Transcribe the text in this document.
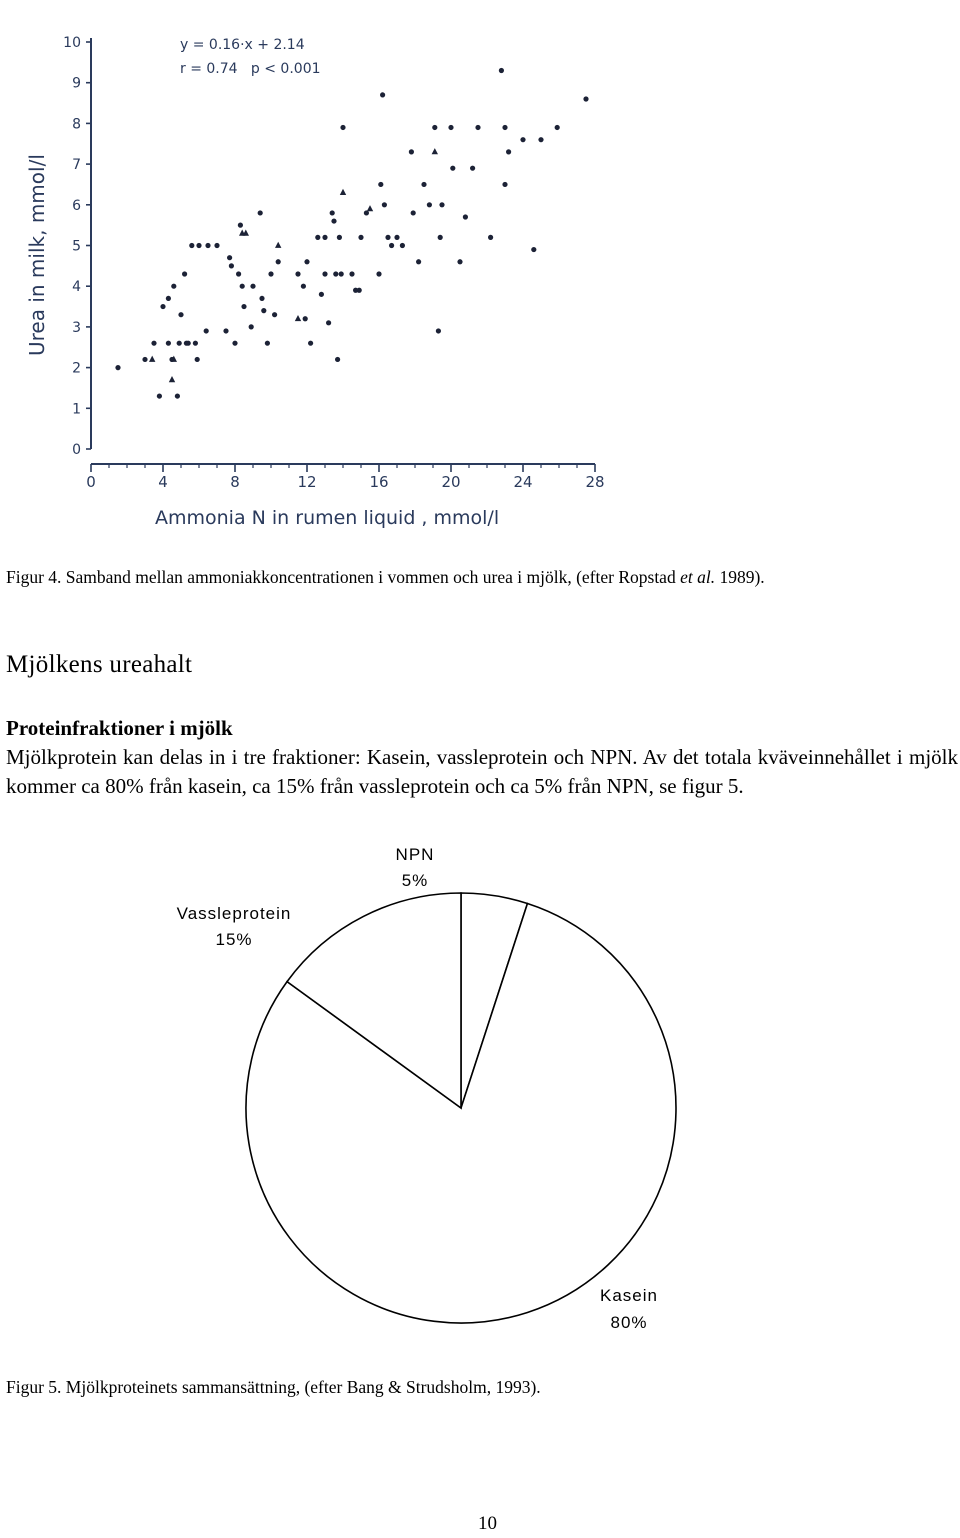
0
1
2
3
4
5
6
7
8
9
10
0	4	8	12	16	20	24	28
y = 0.16·x + 2.14
r = 0.74   p < 0.001
Urea in milk, mmol/l
Ammonia N in rumen liquid , mmol/l
Figur 4. Samband mellan ammoniakkoncentrationen i vommen och urea i mjölk, (efter Ropstad et al. 1989).
Mjölkens ureahalt
Proteinfraktioner i mjölk
Mjölkprotein kan delas in i tre fraktioner: Kasein, vassleprotein och NPN. Av det totala kväveinnehållet i mjölk kommer ca 80% från kasein, ca 15% från vassleprotein och ca 5% från NPN, se figur 5.
NPN
5%
Vassleprotein
15%
Kasein
80%
Figur 5. Mjölkproteinets sammansättning, (efter Bang & Strudsholm, 1993).
10
